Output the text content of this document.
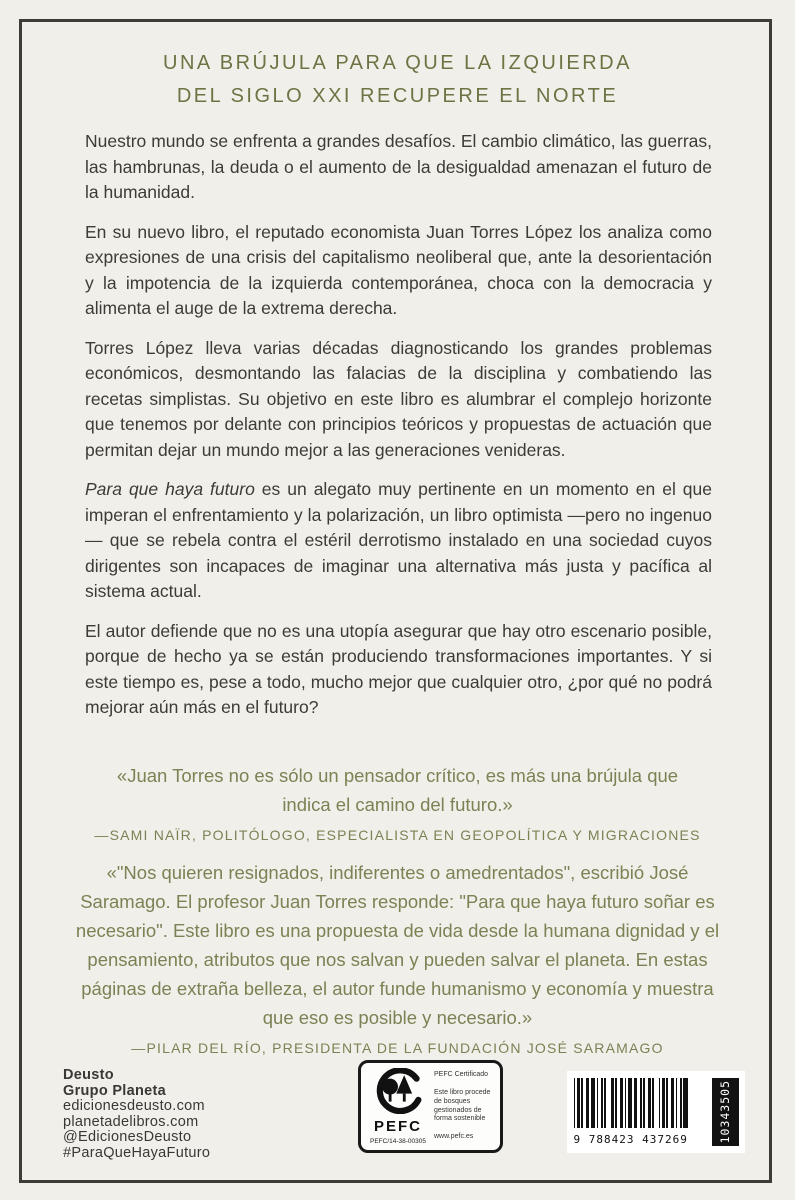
UNA BRÚJULA PARA QUE LA IZQUIERDA
DEL SIGLO XXI RECUPERE EL NORTE

Nuestro mundo se enfrenta a grandes desafíos. El cambio climático, las guerras, las hambrunas, la deuda o el aumento de la desigualdad amenazan el futuro de la humanidad.

En su nuevo libro, el reputado economista Juan Torres López los analiza como expresiones de una crisis del capitalismo neoliberal que, ante la desorientación y la impotencia de la izquierda contemporánea, choca con la democracia y alimenta el auge de la extrema derecha.

Torres López lleva varias décadas diagnosticando los grandes problemas económicos, desmontando las falacias de la disciplina y combatiendo las recetas simplistas. Su objetivo en este libro es alumbrar el complejo horizonte que tenemos por delante con principios teóricos y propuestas de actuación que permitan dejar un mundo mejor a las generaciones venideras.

Para que haya futuro es un alegato muy pertinente en un momento en el que imperan el enfrentamiento y la polarización, un libro optimista —pero no ingenuo— que se rebela contra el estéril derrotismo instalado en una sociedad cuyos dirigentes son incapaces de imaginar una alternativa más justa y pacífica al sistema actual.

El autor defiende que no es una utopía asegurar que hay otro escenario posible, porque de hecho ya se están produciendo transformaciones importantes. Y si este tiempo es, pese a todo, mucho mejor que cualquier otro, ¿por qué no podrá mejorar aún más en el futuro?

«Juan Torres no es sólo un pensador crítico, es más una brújula que indica el camino del futuro.»

—SAMI NAÏR, POLITÓLOGO, ESPECIALISTA EN GEOPOLÍTICA Y MIGRACIONES

«"Nos quieren resignados, indiferentes o amedrentados", escribió José Saramago. El profesor Juan Torres responde: "Para que haya futuro soñar es necesario". Este libro es una propuesta de vida desde la humana dignidad y el pensamiento, atributos que nos salvan y pueden salvar el planeta. En estas páginas de extraña belleza, el autor funde humanismo y economía y muestra que eso es posible y necesario.»

—PILAR DEL RÍO, PRESIDENTA DE LA FUNDACIÓN JOSÉ SARAMAGO

Deusto
Grupo Planeta
edicionesdeusto.com
planetadelibros.com
@EdicionesDeusto
#ParaQueHayaFuturo
PEFC
PEFC/14-38-00305
PEFC Certificado
Este libro procede de bosques gestionados de forma sostenible
www.pefc.es	9 788423 437269	10343505
